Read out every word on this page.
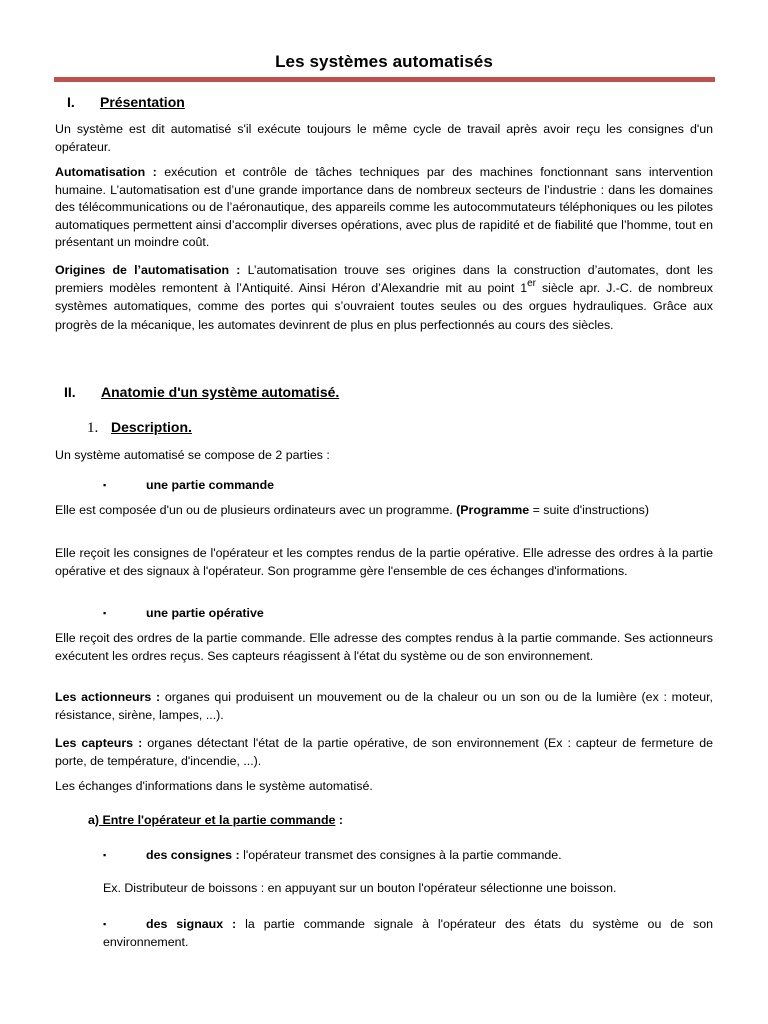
Les systèmes automatisés
I. Présentation
Un système est dit automatisé s'il exécute toujours le même cycle de travail après avoir reçu les consignes d'un opérateur.
Automatisation : exécution et contrôle de tâches techniques par des machines fonctionnant sans intervention humaine. L’automatisation est d’une grande importance dans de nombreux secteurs de l’industrie : dans les domaines des télécommunications ou de l’aéronautique, des appareils comme les autocommutateurs téléphoniques ou les pilotes automatiques permettent ainsi d’accomplir diverses opérations, avec plus de rapidité et de fiabilité que l’homme, tout en présentant un moindre coût.
Origines de l’automatisation : L’automatisation trouve ses origines dans la construction d’automates, dont les premiers modèles remontent à l’Antiquité. Ainsi Héron d’Alexandrie mit au point 1er siècle apr. J.-C. de nombreux systèmes automatiques, comme des portes qui s’ouvraient toutes seules ou des orgues hydrauliques. Grâce aux progrès de la mécanique, les automates devinrent de plus en plus perfectionnés au cours des siècles.
II. Anatomie d'un système automatisé.
1. Description.
Un système automatisé se compose de 2 parties :
▪	une partie commande
Elle est composée d'un ou de plusieurs ordinateurs avec un programme. (Programme = suite d'instructions)
Elle reçoit les consignes de l'opérateur et les comptes rendus de la partie opérative. Elle adresse des ordres à la partie opérative et des signaux à l'opérateur. Son programme gère l'ensemble de ces échanges d'informations.
▪	une partie opérative
Elle reçoit des ordres de la partie commande. Elle adresse des comptes rendus à la partie commande. Ses actionneurs exécutent les ordres reçus. Ses capteurs réagissent à l'état du système ou de son environnement.
Les actionneurs : organes qui produisent un mouvement ou de la chaleur ou un son ou de la lumière (ex : moteur, résistance, sirène, lampes, ...).
Les capteurs : organes détectant l'état de la partie opérative, de son environnement (Ex : capteur de fermeture de porte, de température, d'incendie, ...).
Les échanges d'informations dans le système automatisé.
a) Entre l'opérateur et la partie commande :
▪	des consignes : l'opérateur transmet des consignes à la partie commande.
Ex. Distributeur de boissons : en appuyant sur un bouton l'opérateur sélectionne une boisson.
▪	des signaux : la partie commande signale à l'opérateur des états du système ou de son environnement.
